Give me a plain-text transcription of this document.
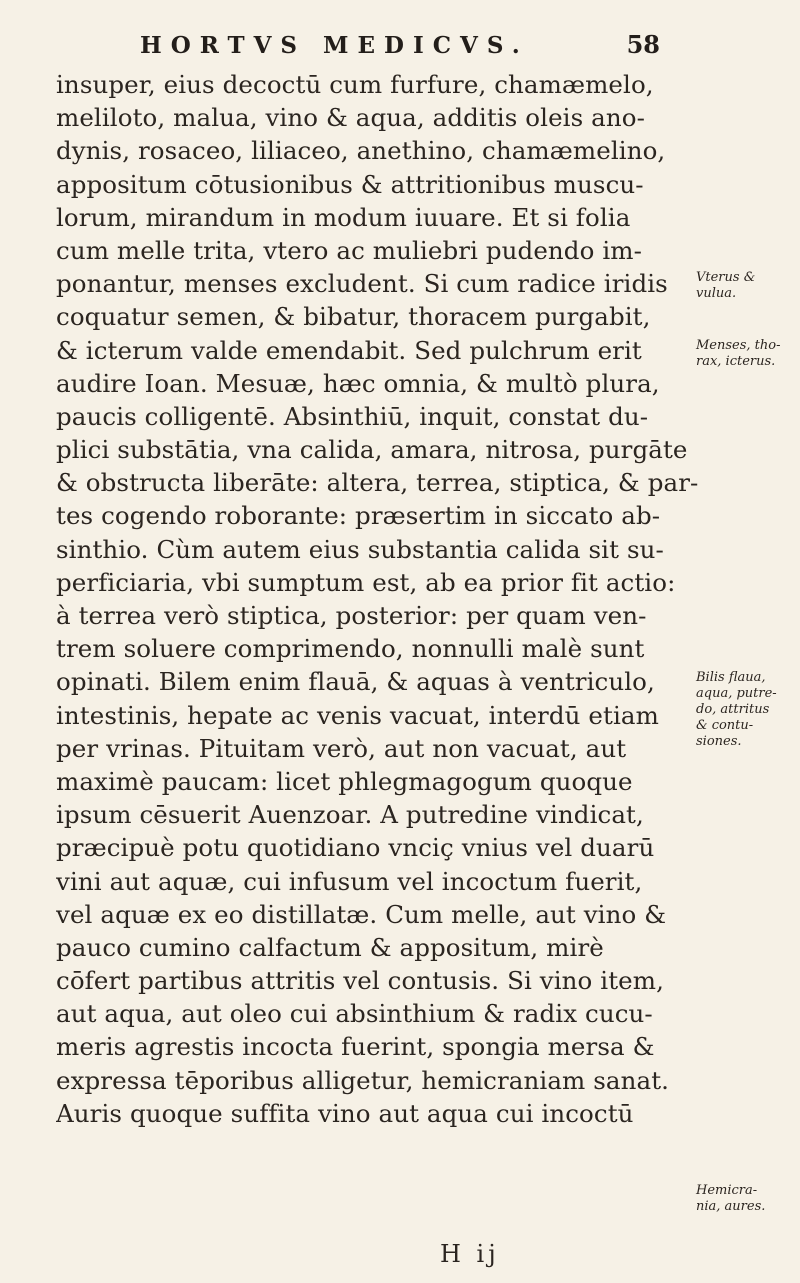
HORTVS MEDICVS.	58
insuper, eius decoctū cum furfure, chamæmelo,
meliloto, malua, vino & aqua, additis oleis ano-
dynis, rosaceo, liliaceo, anethino, chamæmelino,
appositum cōtusionibus & attritionibus muscu-
lorum, mirandum in modum iuuare. Et si folia
cum melle trita, vtero ac muliebri pudendo im-
ponantur, menses excludent. Si cum radice iridis
coquatur semen, & bibatur, thoracem purgabit,
& icterum valde emendabit. Sed pulchrum erit
audire Ioan. Mesuæ, hæc omnia, & multò plura,
paucis colligentē. Absinthiū, inquit, constat du-
plici substātia, vna calida, amara, nitrosa, purgāte
& obstructa liberāte: altera, terrea, stiptica, & par-
tes cogendo roborante: præsertim in siccato ab-
sinthio. Cùm autem eius substantia calida sit su-
perficiaria, vbi sumptum est, ab ea prior fit actio:
à terrea verò stiptica, posterior: per quam ven-
trem soluere comprimendo, nonnulli malè sunt
opinati. Bilem enim flauā, & aquas à ventriculo,
intestinis, hepate ac venis vacuat, interdū etiam
per vrinas. Pituitam verò, aut non vacuat, aut
maximè paucam: licet phlegmagogum quoque
ipsum cēsuerit Auenzoar. A putredine vindicat,
præcipuè potu quotidiano vnciç vnius vel duarū
vini aut aquæ, cui infusum vel incoctum fuerit,
vel aquæ ex eo distillatæ. Cum melle, aut vino &
pauco cumino calfactum & appositum, mirè
cōfert partibus attritis vel contusis. Si vino item,
aut aqua, aut oleo cui absinthium & radix cucu-
meris agrestis incocta fuerint, spongia mersa &
expressa tēporibus alligetur, hemicraniam sanat.
Auris quoque suffita vino aut aqua cui incoctū
Vterus &
vulua.
Menses, tho-
rax, icterus.
Bilis flaua,
aqua, putre-
do, attritus
& contu-
siones.
Hemicra-
nia, aures.
H ij
